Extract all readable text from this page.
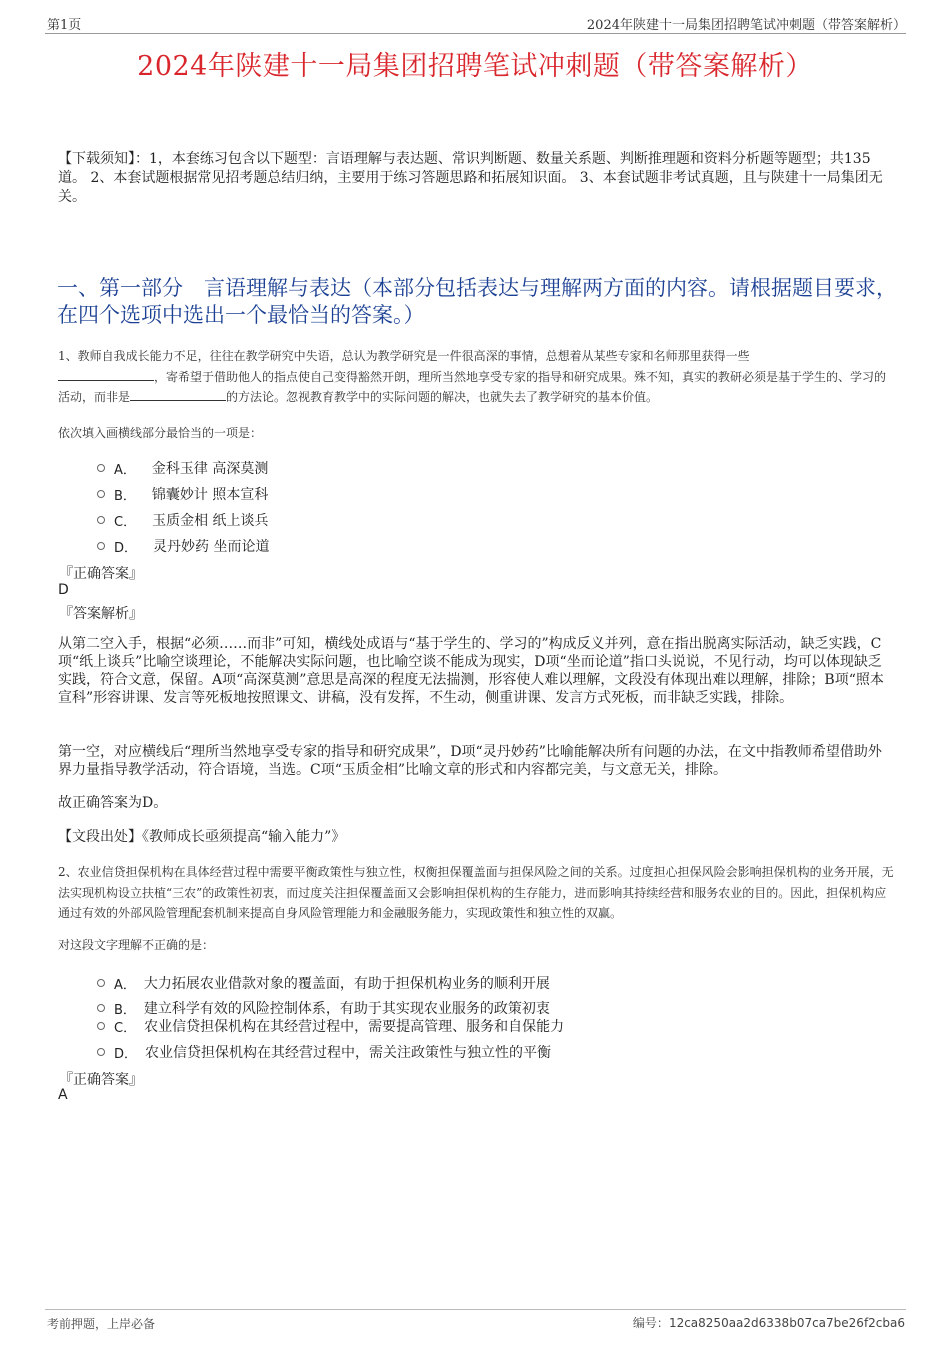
第1页	2024年陕建十一局集团招聘笔试冲刺题（带答案解析）
2024年陕建十一局集团招聘笔试冲刺题（带答案解析）
【下载须知】：1，本套练习包含以下题型：言语理解与表达题、常识判断题、数量关系题、判断推理题和资料分析题等题型；共135道。 2、本套试题根据常见招考题总结归纳，主要用于练习答题思路和拓展知识面。 3、本套试题非考试真题，且与陕建十一局集团无关。
一、第一部分　言语理解与表达（本部分包括表达与理解两方面的内容。请根据题目要求，在四个选项中选出一个最恰当的答案。）
1、教师自我成长能力不足，往往在教学研究中失语，总认为教学研究是一件很高深的事情，总想着从某些专家和名师那里获得一些
，寄希望于借助他人的指点使自己变得豁然开朗，理所当然地享受专家的指导和研究成果。殊不知，真实的教研必须是基于学生的、学习的活动，而非是	的方法论。忽视教育教学中的实际问题的解决，也就失去了教学研究的基本价值。
依次填入画横线部分最恰当的一项是：
A． 金科玉律 高深莫测
B． 锦囊妙计 照本宣科
C． 玉质金相 纸上谈兵
D． 灵丹妙药 坐而论道
『正确答案』
D
『答案解析』
从第二空入手，根据“必须……而非”可知，横线处成语与“基于学生的、学习的”构成反义并列，意在指出脱离实际活动，缺乏实践，C项“纸上谈兵”比喻空谈理论，不能解决实际问题，也比喻空谈不能成为现实，D项“坐而论道”指口头说说，不见行动，均可以体现缺乏实践，符合文意，保留。A项“高深莫测”意思是高深的程度无法揣测，形容使人难以理解，文段没有体现出难以理解，排除；B项“照本宣科”形容讲课、发言等死板地按照课文、讲稿，没有发挥，不生动，侧重讲课、发言方式死板，而非缺乏实践，排除。
第一空，对应横线后“理所当然地享受专家的指导和研究成果”，D项“灵丹妙药”比喻能解决所有问题的办法，在文中指教师希望借助外界力量指导教学活动，符合语境，当选。C项“玉质金相”比喻文章的形式和内容都完美，与文意无关，排除。
故正确答案为D。
【文段出处】《教师成长亟须提高“输入能力”》
2、农业信贷担保机构在具体经营过程中需要平衡政策性与独立性，权衡担保覆盖面与担保风险之间的关系。过度担心担保风险会影响担保机构的业务开展，无法实现机构设立扶植“三农”的政策性初衷，而过度关注担保覆盖面又会影响担保机构的生存能力，进而影响其持续经营和服务农业的目的。因此，担保机构应通过有效的外部风险管理配套机制来提高自身风险管理能力和金融服务能力，实现政策性和独立性的双赢。
对这段文字理解不正确的是：
A． 大力拓展农业借款对象的覆盖面，有助于担保机构业务的顺利开展
B． 建立科学有效的风险控制体系，有助于其实现农业服务的政策初衷
C． 农业信贷担保机构在其经营过程中，需要提高管理、服务和自保能力
D． 农业信贷担保机构在其经营过程中，需关注政策性与独立性的平衡
『正确答案』
A
考前押题，上岸必备	编号：12ca8250aa2d6338b07ca7be26f2cba6
